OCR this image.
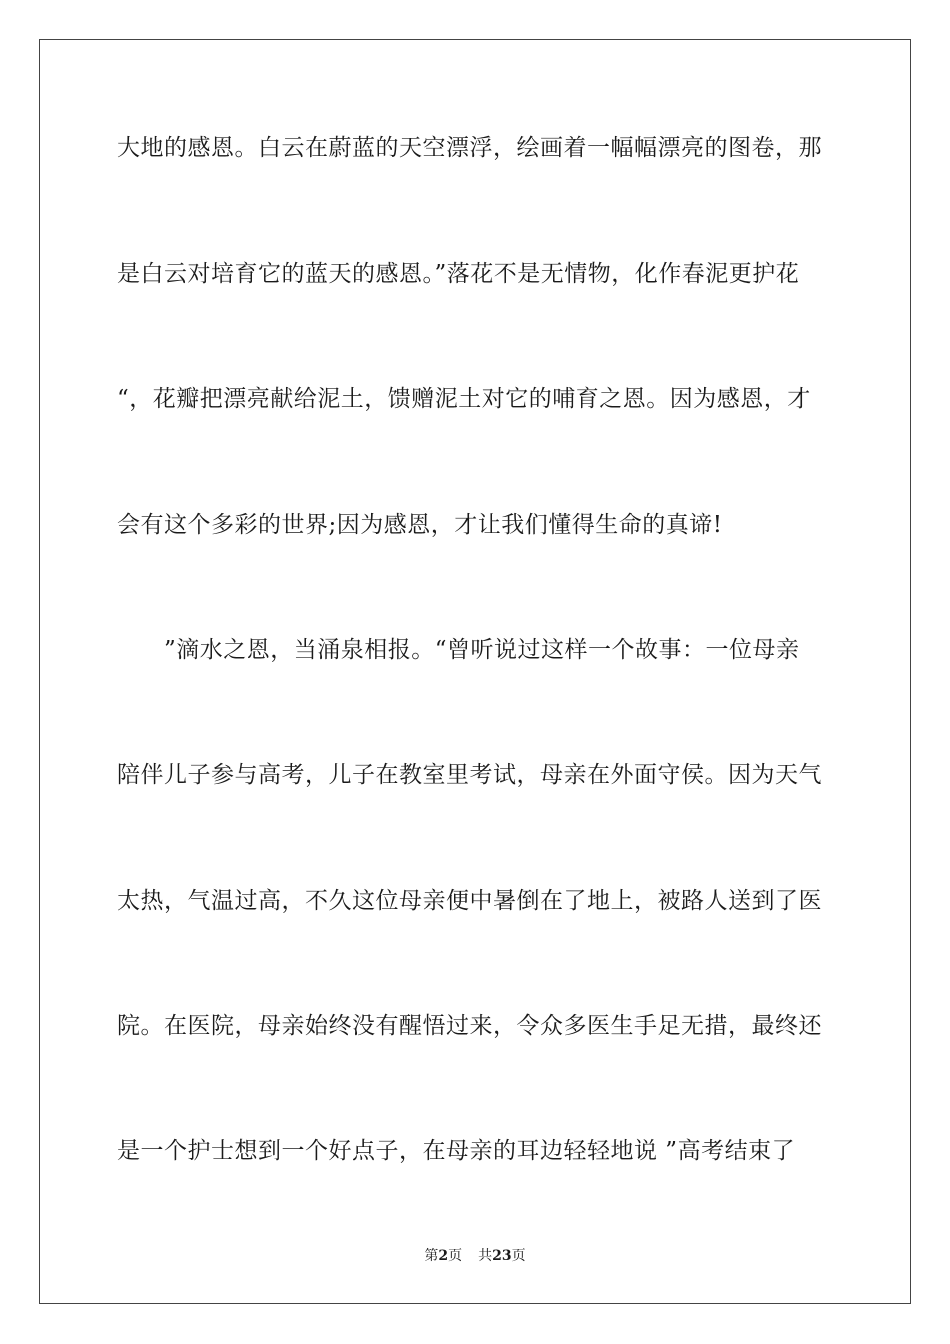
大地的感恩。白云在蔚蓝的天空漂浮，绘画着一幅幅漂亮的图卷，那
是白云对培育它的蓝天的感恩。”落花不是无情物，化作春泥更护花
“，花瓣把漂亮献给泥土，馈赠泥土对它的哺育之恩。因为感恩，才
会有这个多彩的世界;因为感恩，才让我们懂得生命的真谛!
　　”滴水之恩，当涌泉相报。“曾听说过这样一个故事：一位母亲
陪伴儿子参与高考，儿子在教室里考试，母亲在外面守侯。因为天气
太热，气温过高，不久这位母亲便中暑倒在了地上，被路人送到了医
院。在医院，母亲始终没有醒悟过来，令众多医生手足无措，最终还
是一个护士想到一个好点子，在母亲的耳边轻轻地说 ”高考结束了
第2页 共23页
